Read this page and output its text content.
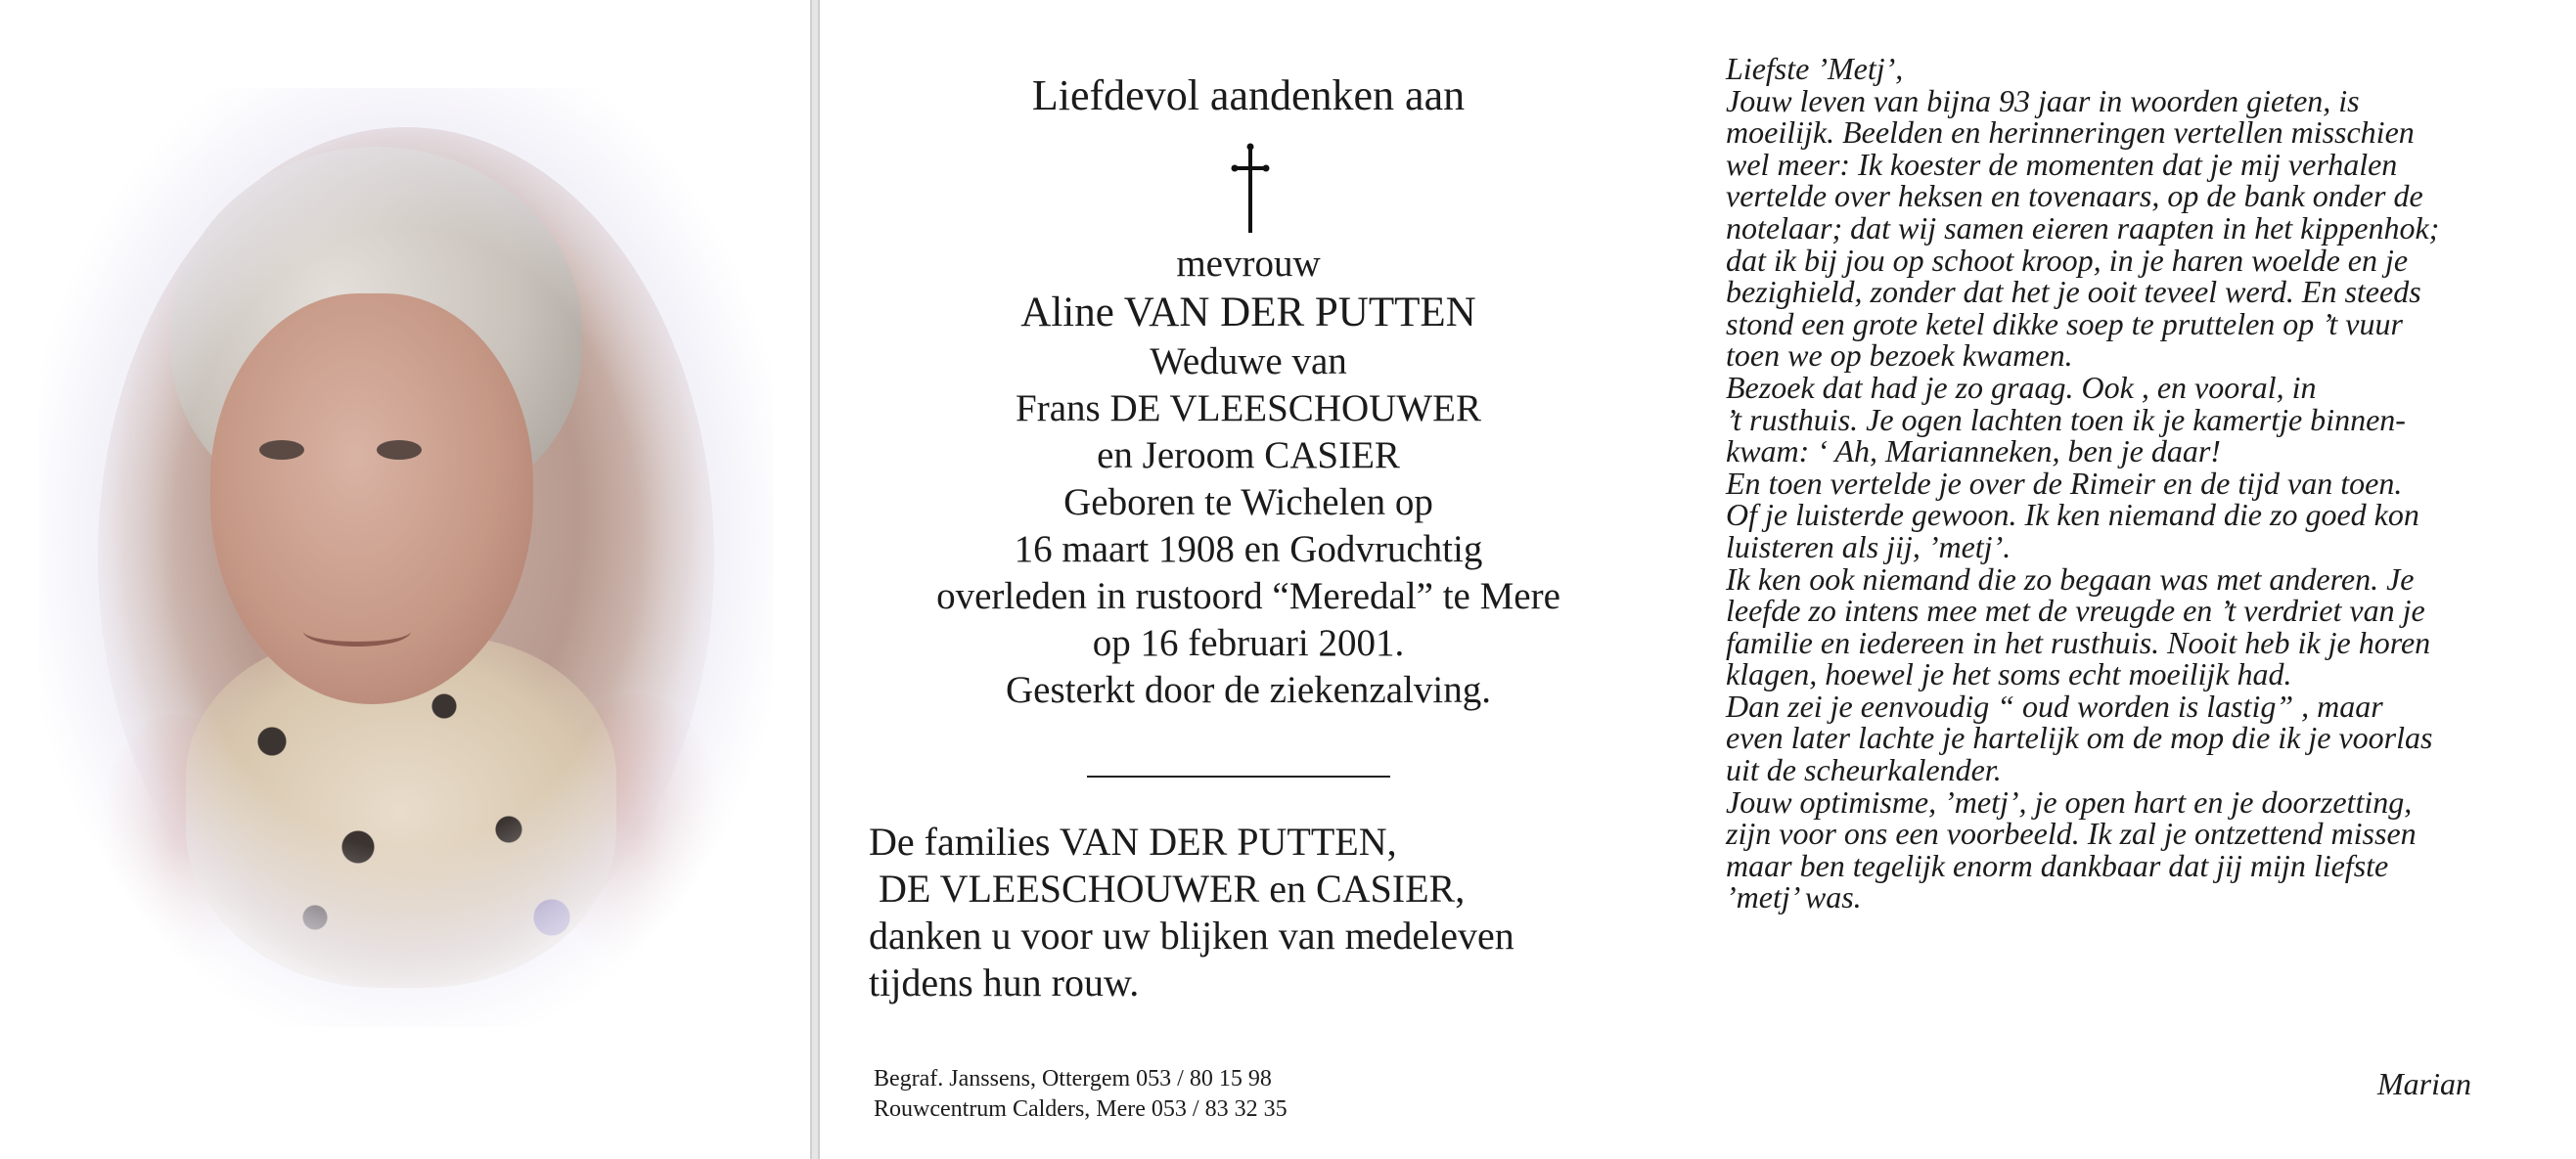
Liefdevol aandenken aan
mevrouw
Aline VAN DER PUTTEN
Weduwe van
Frans DE VLEESCHOUWER
en Jeroom CASIER
Geboren te Wichelen op
16 maart 1908 en Godvruchtig
overleden in rustoord “Meredal” te Mere
op 16 februari 2001.
Gesterkt door de ziekenzalving.
De families VAN DER PUTTEN,
DE VLEESCHOUWER en CASIER,
danken u voor uw blijken van medeleven
tijdens hun rouw.
Begraf. Janssens, Ottergem 053 / 80 15 98
Rouwcentrum Calders, Mere 053 / 83 32 35
Liefste ’Metj’,
Jouw leven van bijna 93 jaar in woorden gieten, is
moeilijk. Beelden en herinneringen vertellen misschien
wel meer: Ik koester de momenten dat je mij verhalen
vertelde over heksen en tovenaars, op de bank onder de
notelaar; dat wij samen eieren raapten in het kippenhok;
dat ik bij jou op schoot kroop, in je haren woelde en je
bezighield, zonder dat het je ooit teveel werd. En steeds
stond een grote ketel dikke soep te pruttelen op ’t vuur
toen we op bezoek kwamen.
Bezoek dat had je zo graag. Ook , en vooral, in
’t rusthuis. Je ogen lachten toen ik je kamertje binnen-
kwam: ‘ Ah, Marianneken, ben je daar!
En toen vertelde je over de Rimeir en de tijd van toen.
Of je luisterde gewoon. Ik ken niemand die zo goed kon
luisteren als jij, ’metj’.
Ik ken ook niemand die zo begaan was met anderen. Je
leefde zo intens mee met de vreugde en ’t verdriet van je
familie en iedereen in het rusthuis. Nooit heb ik je horen
klagen, hoewel je het soms echt moeilijk had.
Dan zei je eenvoudig “ oud worden is lastig” , maar
even later lachte je hartelijk om de mop die ik je voorlas
uit de scheurkalender.
Jouw optimisme, ’metj’, je open hart en je doorzetting,
zijn voor ons een voorbeeld. Ik zal je ontzettend missen
maar ben tegelijk enorm dankbaar dat jij mijn liefste
’metj’ was.
Marian
